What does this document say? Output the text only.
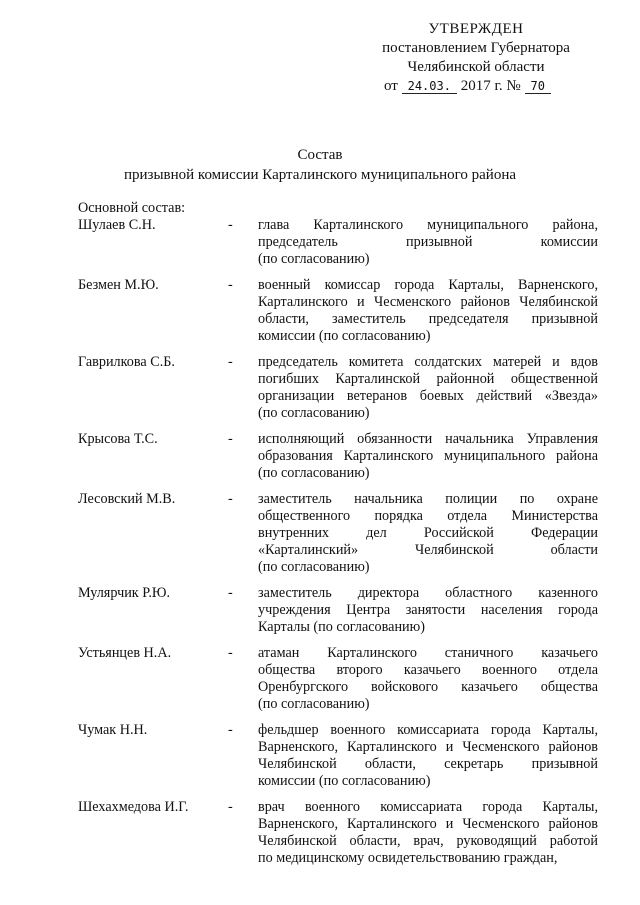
УТВЕРЖДЕН
постановлением Губернатора
Челябинской области
от 24.03. 2017 г. № 70
Состав
призывной комиссии Карталинского муниципального района
Основной состав:
Шулаев С.Н.	-	глава Карталинского муниципального района,
председатель призывной комиссии
(по согласованию)
Безмен М.Ю.	-	военный комиссар города Карталы, Варненского,
Карталинского и Чесменского районов Челябинской
области, заместитель председателя призывной
комиссии (по согласованию)
Гаврилкова С.Б.	-	председатель комитета солдатских матерей и вдов
погибших Карталинской районной общественной
организации ветеранов боевых действий «Звезда»
(по согласованию)
Крысова Т.С.	-	исполняющий обязанности начальника Управления
образования Карталинского муниципального района
(по согласованию)
Лесовский М.В.	-	заместитель начальника полиции по охране
общественного порядка отдела Министерства
внутренних дел Российской Федерации
«Карталинский» Челябинской области
(по согласованию)
Мулярчик Р.Ю.	-	заместитель директора областного казенного
учреждения Центра занятости населения города
Карталы (по согласованию)
Устьянцев Н.А.	-	атаман Карталинского станичного казачьего
общества второго казачьего военного отдела
Оренбургского войскового казачьего общества
(по согласованию)
Чумак Н.Н.	-	фельдшер военного комиссариата города Карталы,
Варненского, Карталинского и Чесменского районов
Челябинской области, секретарь призывной
комиссии (по согласованию)
Шехахмедова И.Г.	-	врач военного комиссариата города Карталы,
Варненского, Карталинского и Чесменского районов
Челябинской области, врач, руководящий работой
по медицинскому освидетельствованию граждан,
